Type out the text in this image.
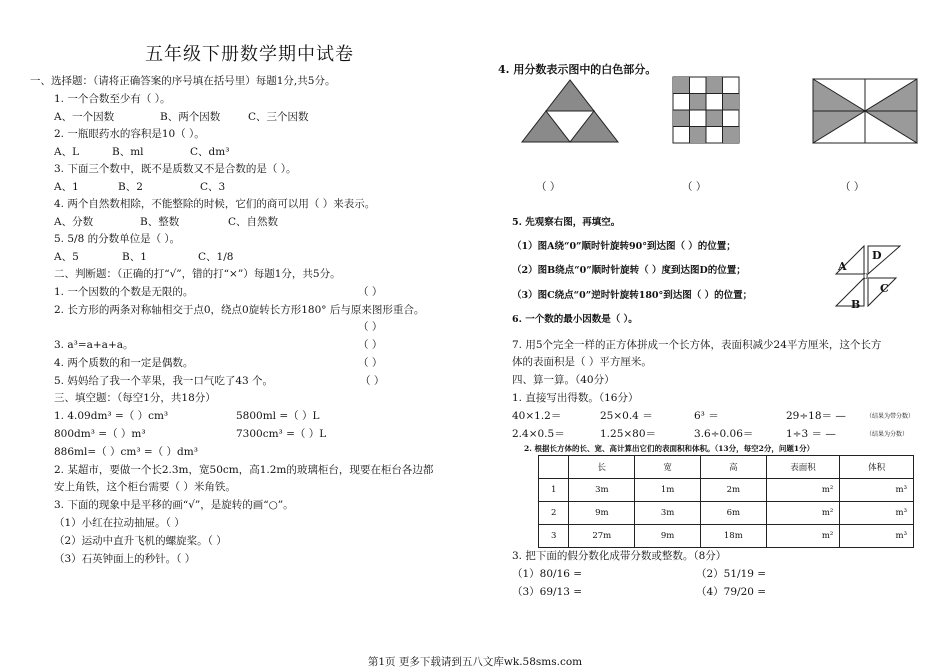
五年级下册数学期中试卷
一、选择题：（请将正确答案的序号填在括号里）每题1分,共5分。
1. 一个合数至少有（ ）。
A、一个因数	B、两个因数	C、三个因数
2. 一瓶眼药水的容积是10（ ）。
A、L	B、ml	C、dm³
3. 下面三个数中，既不是质数又不是合数的是（ ）。
A、1	B、2	C、3
4. 两个自然数相除，不能整除的时候，它们的商可以用（ ）来表示。
A、分数	B、整数	C、自然数
5. 5/8 的分数单位是（ ）。
A、5	B、1	C、1/8
二、判断题：（正确的打“√”，错的打“×”）每题1分，共5分。
1. 一个因数的个数是无限的。	（ ）
2. 长方形的两条对称轴相交于点0，绕点0旋转长方形180° 后与原来图形重合。
（ ）
3. a³=a+a+a。	（ ）
4. 两个质数的和一定是偶数。	（ ）
5. 妈妈给了我一个苹果，我一口气吃了43 个。	（ ）
三、填空题：（每空1分，共18分）
1. 4.09dm³ =（ ）cm³	5800ml =（ ）L
800dm³ =（ ）m³	7300cm³ =（ ）L
886ml=（ ）cm³ =（ ）dm³
2. 某超市，要做一个长2.3m，宽50cm，高1.2m的玻璃柜台，现要在柜台各边都
安上角铁，这个柜台需要（ ）米角铁。
3. 下面的现象中是平移的画“√”，是旋转的画“○”。
（1）小红在拉动抽屉。（ ）
（2）运动中直升飞机的螺旋桨。（ ）
（3）石英钟面上的秒针。（ ）
4. 用分数表示图中的白色部分。
（ ）	（ ）	（ ）
5. 先观察右图，再填空。
（1）图A绕“0”顺时针旋转90°到达图（ ）的位置；
（2）图B绕点“0”顺时针旋转（ ）度到达图D的位置；
（3）图C绕点“0”逆时针旋转180°到达图（ ）的位置；
6. 一个数的最小因数是（ ）。
A
D
C
B
0
7. 用5个完全一样的正方体拼成一个长方体，表面积减少24平方厘米，这个长方
体的表面积是（ ）平方厘米。
四、算一算。（40分）
1. 直接写出得数。（16分）
40×1.2＝	25×0.4 ＝	6³ ＝	29÷18＝ —	（结果为带分数）
2.4×0.5＝	1.25×80＝	3.6÷0.06＝	1÷3 ＝ —	（结果为分数）
2. 根据长方体的长、宽、高计算出它们的表面积和体积。（13分，每空2分，问题1分）
	长	宽	高	表面积	体积
1	3m	1m	2m	m²	m³
2	9m	3m	6m	m²	m³
3	27m	9m	18m	m²	m³
3. 把下面的假分数化成带分数或整数。（8分）
（1）80/16 =	（2）51/19 =
（3）69/13 =	（4）79/20 =
第1页 更多下载请到五八文库wk.58sms.com
